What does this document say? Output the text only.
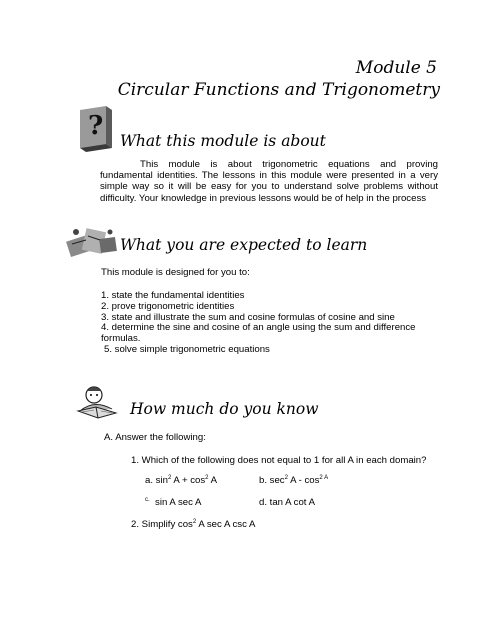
Module 5
Circular Functions and Trigonometry
? What this module is about

This module is about trigonometric equations and proving fundamental identities. The lessons in this module were presented in a very simple way so it will be easy for you to understand solve problems without difficulty. Your knowledge in previous lessons would be of help in the process

What you are expected to learn
This module is designed for you to:
1. state the fundamental identities
2. prove trigonometric identities
3. state and illustrate the sum and cosine formulas of cosine and sine
4. determine the sine and cosine of an angle using the sum and difference
formulas.
5. solve simple trigonometric equations
How much do you know
A. Answer the following:
1. Which of the following does not equal to 1 for all A in each domain?
a. $\sin^2 A + \cos^2 A$	b. $\sec^2 A - \cos^{2 A}$
$^{c.}$ sin A sec A	d. tan A cot A
2. Simplify $\cos^2 A$ sec A csc A
